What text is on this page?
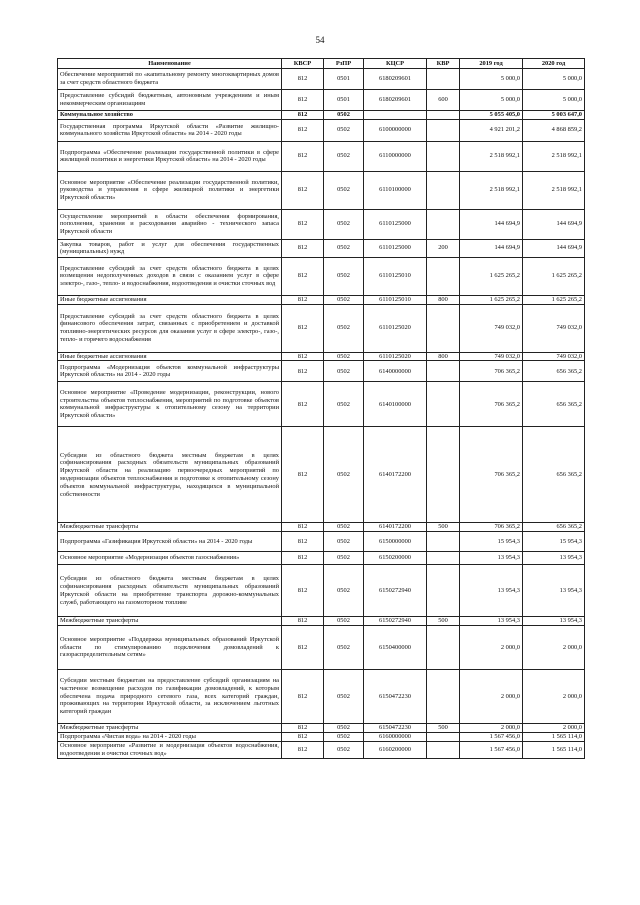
54
Наименование	КВСР	РзПР	КЦСР	КВР	2019 год	2020 год
Обеспечение мероприятий по «капитальному ремонту многоквартирных домов за счет средств областного бюджета	812	0501	6180209601		5 000,0	5 000,0
Предоставление субсидий бюджетным, автономным учреждениям и иным некоммерческим организациям	812	0501	6180209601	600	5 000,0	5 000,0
Коммунальное хозяйство	812	0502			5 055 405,0	5 003 647,0
Государственная программа Иркутской области «Развитие жилищно-коммунального хозяйства Иркутской области» на 2014 - 2020 годы	812	0502	6100000000		4 921 201,2	4 868 859,2
Подпрограмма «Обеспечение реализации государственной политики в сфере жилищной политики и энергетики Иркутской области» на 2014 - 2020 годы	812	0502	6110000000		2 518 992,1	2 518 992,1
Основное мероприятие «Обеспечение реализации государственной политики, руководства и управления в сфере жилищной политики и энергетики Иркутской области»	812	0502	6110100000		2 518 992,1	2 518 992,1
Осуществление мероприятий в области обеспечения формирования, пополнения, хранения и расходования аварийно - технического запаса Иркутской области	812	0502	6110125000		144 694,9	144 694,9
Закупка товаров, работ и услуг для обеспечения государственных (муниципальных) нужд	812	0502	6110125000	200	144 694,9	144 694,9
Предоставление субсидий за счет средств областного бюджета в целях возмещения недополученных доходов в связи с оказанием услуг в сфере электро-, газо-, тепло- и водоснабжения, водоотведения и очистки сточных вод	812	0502	6110125010		1 625 265,2	1 625 265,2
Иные бюджетные ассигнования	812	0502	6110125010	800	1 625 265,2	1 625 265,2
Предоставление субсидий за счет средств областного бюджета в целях финансового обеспечения затрат, связанных с приобретением и доставкой топливно-энергетических ресурсов для оказания услуг в сфере электро-, газо-, тепло- и горячего водоснабжения	812	0502	6110125020		749 032,0	749 032,0
Иные бюджетные ассигнования	812	0502	6110125020	800	749 032,0	749 032,0
Подпрограмма «Модернизация объектов коммунальной инфраструктуры Иркутской области» на 2014 - 2020 годы	812	0502	6140000000		706 365,2	656 365,2
Основное мероприятие «Проведение модернизации, реконструкции, нового строительства объектов теплоснабжения, мероприятий по подготовке объектов коммунальной инфраструктуры к отопительному сезону на территории Иркутской области»	812	0502	6140100000		706 365,2	656 365,2
Субсидии из областного бюджета местным бюджетам в целях софинансирования расходных обязательств муниципальных образований Иркутской области на реализацию первоочередных мероприятий по модернизации объектов теплоснабжения и подготовке к отопительному сезону объектов коммунальной инфраструктуры, находящихся в муниципальной собственности	812	0502	6140172200		706 365,2	656 365,2
Межбюджетные трансферты	812	0502	6140172200	500	706 365,2	656 365,2
Подпрограмма «Газификация Иркутской области» на 2014 - 2020 годы	812	0502	6150000000		15 954,3	15 954,3
Основное мероприятие «Модернизация объектов газоснабжения»	812	0502	6150200000		13 954,3	13 954,3
Субсидии из областного бюджета местным бюджетам в целях софинансирования расходных обязательств муниципальных образований Иркутской области на приобретение транспорта дорожно-коммунальных служб, работающего на газомоторном топливе	812	0502	6150272940		13 954,3	13 954,3
Межбюджетные трансферты	812	0502	6150272940	500	13 954,3	13 954,3
Основное мероприятие «Поддержка муниципальных образований Иркутской области по стимулированию подключения домовладений к газораспределительным сетям»	812	0502	6150400000		2 000,0	2 000,0
Субсидии местным бюджетам на предоставление субсидий организациям на частичное возмещение расходов по газификации домовладений, к которым обеспечена подача природного сетевого газа, всех категорий граждан, проживающих на территории Иркутской области, за исключением льготных категорий граждан	812	0502	6150472230		2 000,0	2 000,0
Межбюджетные трансферты	812	0502	6150472230	500	2 000,0	2 000,0
Подпрограмма «Чистая вода» на 2014 - 2020 годы	812	0502	6160000000		1 567 456,0	1 565 114,0
Основное мероприятие «Развитие и модернизация объектов водоснабжения, водоотведения и очистки сточных вод»	812	0502	6160200000		1 567 456,0	1 565 114,0
